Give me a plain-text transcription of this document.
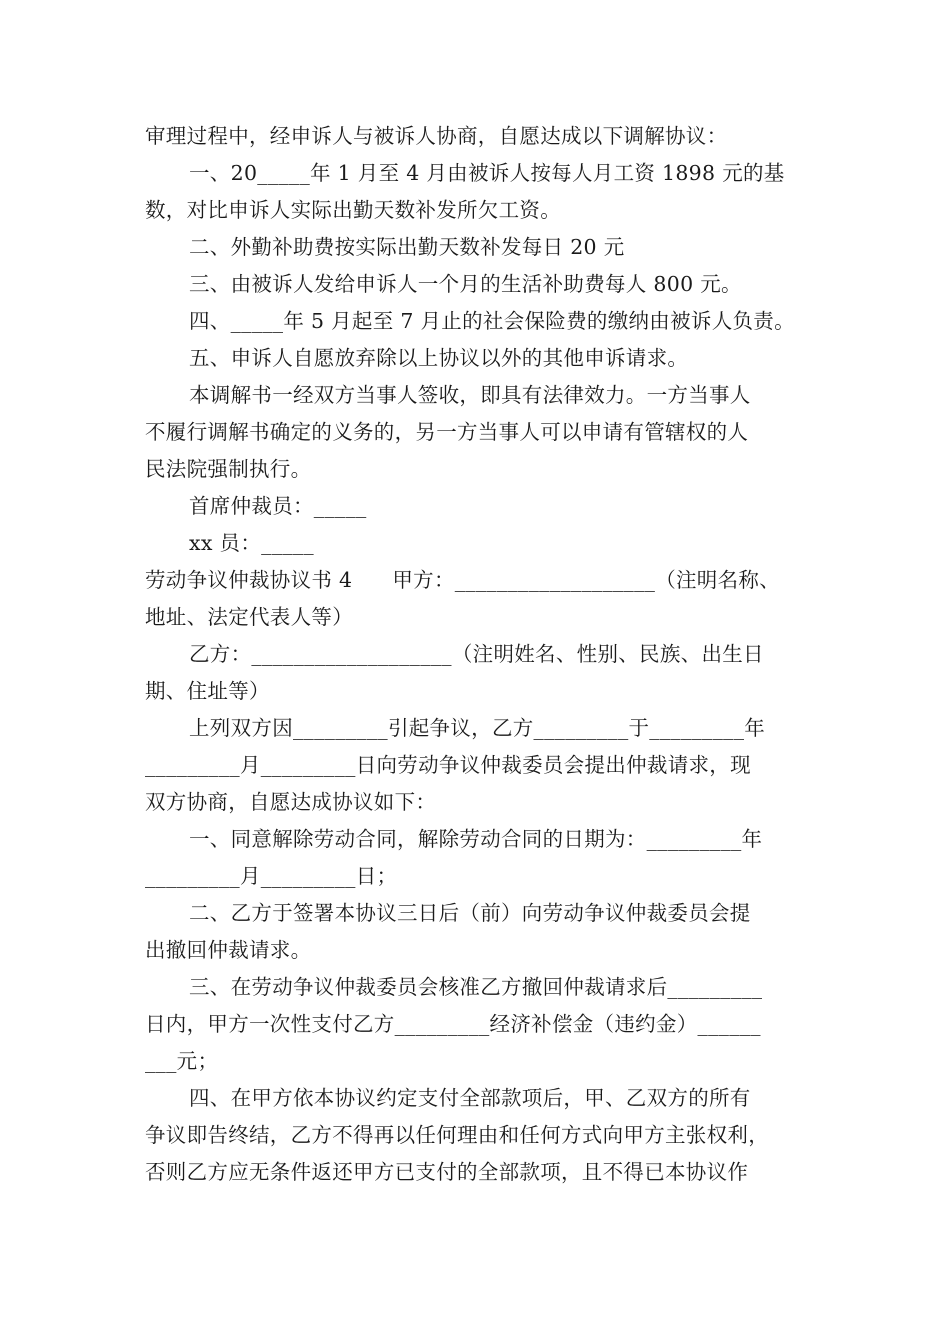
审理过程中，经申诉人与被诉人协商，自愿达成以下调解协议：
一、20_____年 1 月至 4 月由被诉人按每人月工资 1898 元的基
数，对比申诉人实际出勤天数补发所欠工资。
二、外勤补助费按实际出勤天数补发每日 20 元
三、由被诉人发给申诉人一个月的生活补助费每人 800 元。
四、_____年 5 月起至 7 月止的社会保险费的缴纳由被诉人负责。
五、申诉人自愿放弃除以上协议以外的其他申诉请求。
本调解书一经双方当事人签收，即具有法律效力。一方当事人
不履行调解书确定的义务的，另一方当事人可以申请有管辖权的人
民法院强制执行。
首席仲裁员：_____
xx 员：_____
劳动争议仲裁协议书 4 甲方：___________________（注明名称、
地址、法定代表人等）
乙方：___________________（注明姓名、性别、民族、出生日
期、住址等）
上列双方因_________引起争议，乙方_________于_________年
_________月_________日向劳动争议仲裁委员会提出仲裁请求，现
双方协商，自愿达成协议如下：
一、同意解除劳动合同，解除劳动合同的日期为：_________年
_________月_________日；
二、乙方于签署本协议三日后（前）向劳动争议仲裁委员会提
出撤回仲裁请求。
三、在劳动争议仲裁委员会核准乙方撤回仲裁请求后_________
日内，甲方一次性支付乙方_________经济补偿金（违约金）______
___元；
四、在甲方依本协议约定支付全部款项后，甲、乙双方的所有
争议即告终结，乙方不得再以任何理由和任何方式向甲方主张权利，
否则乙方应无条件返还甲方已支付的全部款项，且不得已本协议作
